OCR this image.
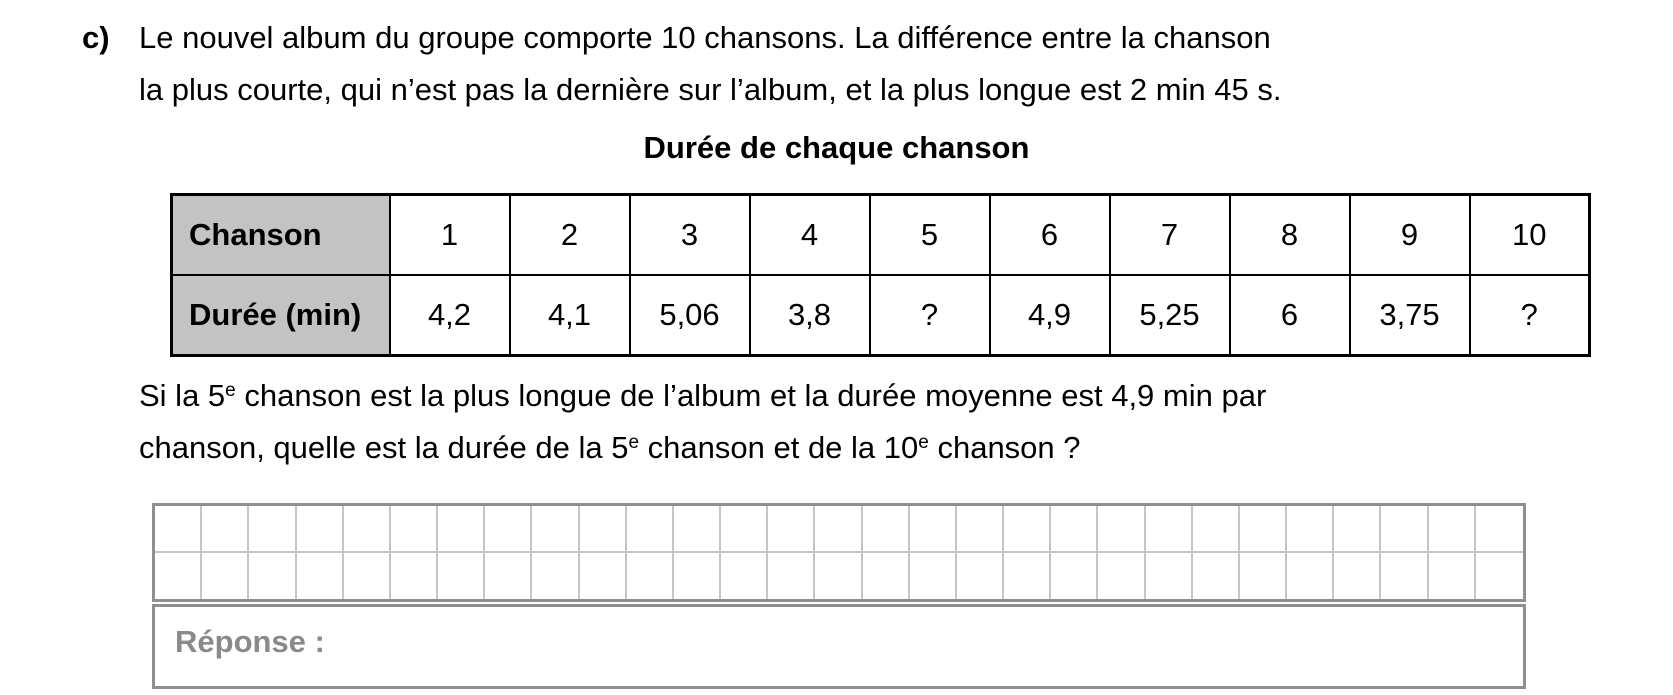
c) Le nouvel album du groupe comporte 10 chansons. La différence entre la chanson
la plus courte, qui n’est pas la dernière sur l’album, et la plus longue est 2 min 45 s.
Durée de chaque chanson
Chanson	1	2	3	4	5	6	7	8	9	10
Durée (min)	4,2	4,1	5,06	3,8	?	4,9	5,25	6	3,75	?
Si la 5e chanson est la plus longue de l’album et la durée moyenne est 4,9 min par
chanson, quelle est la durée de la 5e chanson et de la 10e chanson ?
Réponse :
